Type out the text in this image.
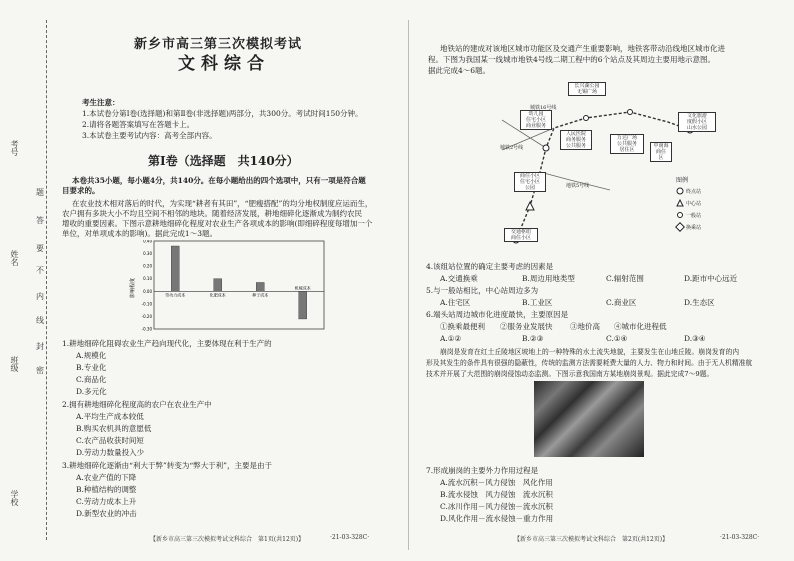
考号
题
答
要
不
内
线
封
密
姓名
班级
学校
新乡市高三第三次模拟考试
文科综合
考生注意：
1.本试卷分第Ⅰ卷(选择题)和第Ⅱ卷(非选择题)两部分，共300分。考试时间150分钟。
2.请将各题答案填写在答题卡上。
3.本试卷主要考试内容：高考全部内容。
第Ⅰ卷（选择题　共140分）
本卷共35小题，每小题4分，共140分。在每小题给出的四个选项中，只有一项是符合题
目要求的。
在农业技术相对落后的时代，为实现“耕者有其田”，“肥瘦搭配”的均分地权制度应运而生，
农户拥有多块大小不均且空间不相邻的地块。随着经济发展，耕地细碎化逐渐成为制约农民
增收的重要因素。下图示意耕地细碎化程度对农业生产各项成本的影响(即细碎程度每增加一个
单位，对单项成本的影响)。据此完成1～3题。
0.40
0.30
0.20
0.10
0.00
-0.10
-0.20
-0.30
劳动力成本	化肥成本	种子成本
机械成本
影响程度
1.耕地细碎化阻碍农业生产趋向现代化，主要体现在利于生产的
A.规模化
B.专业化
C.商品化
D.多元化
2.拥有耕地细碎化程度高的农户在农业生产中
A.平均生产成本较低
B.购买农机具的意愿低
C.农产品收获时间短
D.劳动力数量投入少
3.耕地细碎化逐渐由“利大于弊”转变为“弊大于利”，主要是由于
A.农业产值的下降
B.种植结构的调整
C.劳动力成本上升
D.新型农业的冲击
【新乡市高三第三次模拟考试文科综合　第1页(共12页)】	·21-03-328C·
地铁站的建成对该地区城市功能区及交通产生重要影响，地铁客带动沿线地区城市化进
程。下图为我国某一线城市地铁4号线二期工程中的6个站点及其周边主要用地示意图。
据此完成4～6题。
长兴湖公园
无锡广场
幼儿园
住宅小区
商业服务
人民医院
商务服务
公共服务
万达广场
公共服务
居住区
文化旅游
度假小区
山水公园
中南海
商住
区
商住小区
住宅小区
公园
交通枢纽
商住小区
城铁16号线
城铁2号线
地铁5号线
图例
终点站
中心站
一般站
换乘站
4.该组站位置的确定主要考虑的因素是
A.交通换乘	B.周边用地类型	C.辐射范围	D.距市中心远近
5.与一般站相比，中心站周边多为
A.住宅区	B.工业区	C.商业区	D.生态区
6.端头站周边城市化进度最快，主要原因是
①换乘最便利 ②服务业发展快 ③地价高 ④城市化进程低
A.①②	B.②③	C.①④	D.③④
崩岗是发育在红土丘陵地区坡地上的一种特殊的水土流失地貌，主要发生在山地丘陵。崩岗发育的内
形及其发生的条件具有很强的隐蔽性，传统的监测方法需要耗费大量的人力、物力和时间。由于无人机精准航
技术并开展了大范围的崩岗侵蚀动态监测。下图示意我国南方某地崩岗景观。据此完成7～9题。
7.形成崩岗的主要外力作用过程是
A.流水沉积－风力侵蚀　风化作用
B.流水侵蚀　风力侵蚀　流水沉积
C.冰川作用－风力侵蚀－流水沉积
D.风化作用－流水侵蚀－重力作用
【新乡市高三第三次模拟考试文科综合　第2页(共12页)】	·21-03-328C·
